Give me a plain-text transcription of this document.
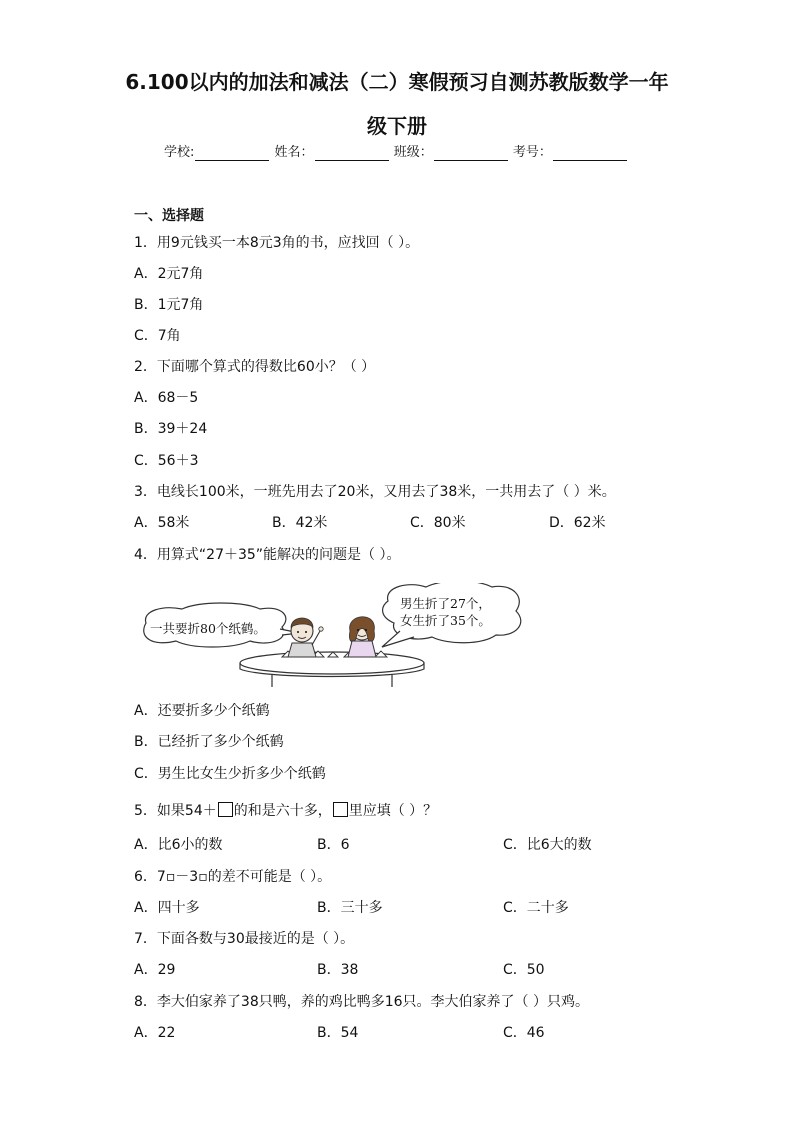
6.100以内的加法和减法（二）寒假预习自测苏教版数学一年
级下册
学校:
	姓名：
	班级：
	考号：
一、选择题
1．用9元钱买一本8元3角的书，应找回（ ）。
A．2元7角
B．1元7角
C．7角
2．下面哪个算式的得数比60小？（ ）
A．68－5
B．39＋24
C．56＋3
3．电线长100米，一班先用去了20米，又用去了38米，一共用去了（ ）米。
A．58米	B．42米	C．80米	D．62米
4．用算式“27＋35”能解决的问题是（ ）。
一共要折80个纸鹤。
男生折了27个，
女生折了35个。
A．还要折多少个纸鹤
B．已经折了多少个纸鹤
C．男生比女生少折多少个纸鹤
5．如果54＋ 的和是六十多， 里应填（ ）？
A．比6小的数	B．6	C．比6大的数
6．7▫－3▫的差不可能是（ ）。
A．四十多	B．三十多	C．二十多
7．下面各数与30最接近的是（ ）。
A．29	B．38	C．50
8．李大伯家养了38只鸭，养的鸡比鸭多16只。李大伯家养了（ ）只鸡。
A．22	B．54	C．46
